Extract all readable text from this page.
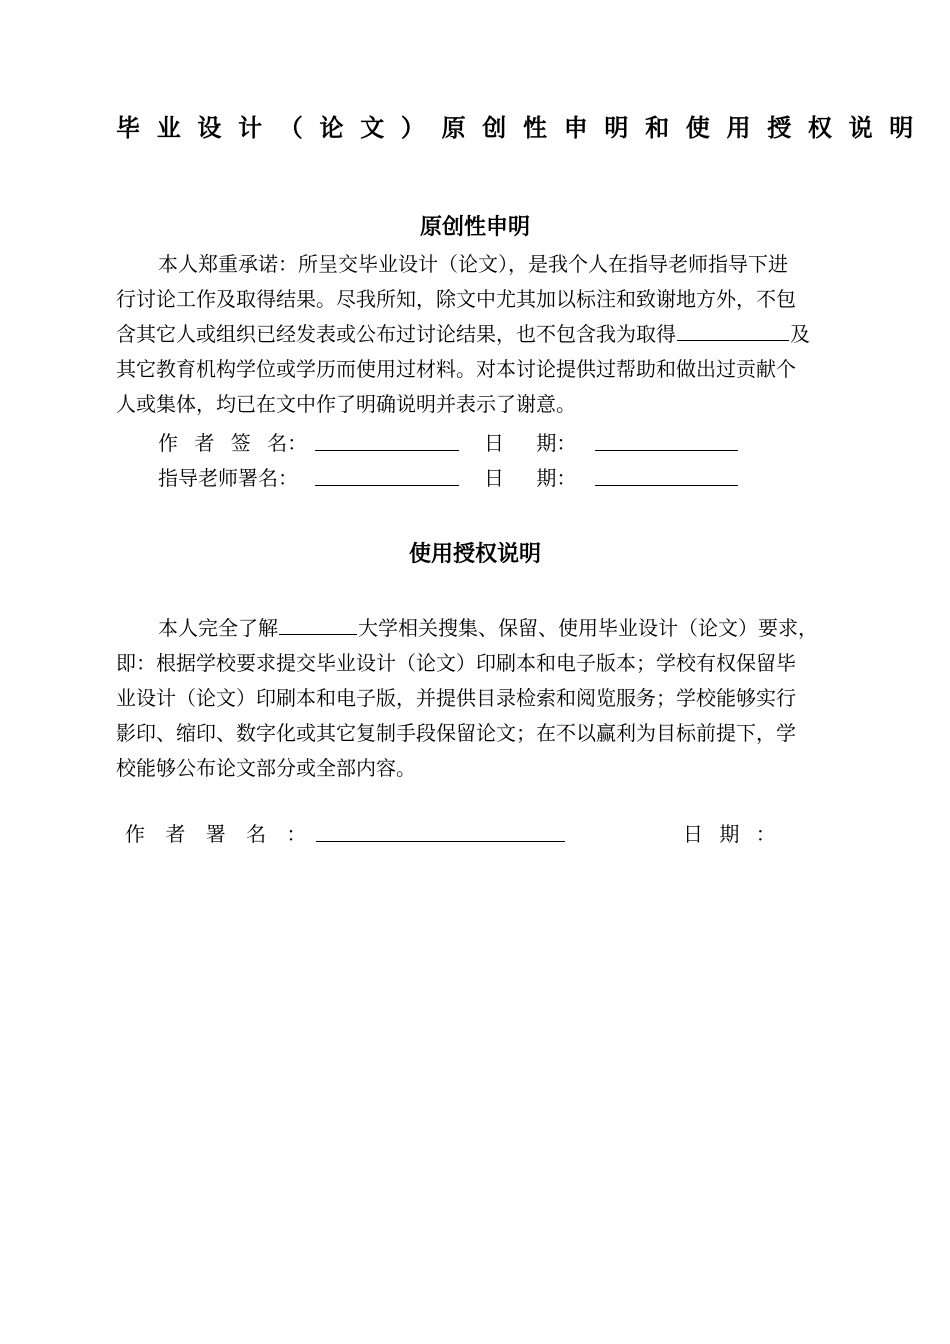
毕业设计（论文）原创性申明和使用授权说明
原创性申明
本人郑重承诺：所呈交毕业设计（论文），是我个人在指导老师指导下进
行讨论工作及取得结果。尽我所知，除文中尤其加以标注和致谢地方外，不包
含其它人或组织已经发表或公布过讨论结果，也不包含我为取得	及
其它教育机构学位或学历而使用过材料。对本讨论提供过帮助和做出过贡献个
人或集体，均已在文中作了明确说明并表示了谢意。
作 者 签 名：	日 期：
指导老师署名：	日 期：
使用授权说明
本人完全了解	大学相关搜集、保留、使用毕业设计（论文）要求，
即：根据学校要求提交毕业设计（论文）印刷本和电子版本；学校有权保留毕
业设计（论文）印刷本和电子版，并提供目录检索和阅览服务；学校能够实行
影印、缩印、数字化或其它复制手段保留论文；在不以赢利为目标前提下，学
校能够公布论文部分或全部内容。
作 者 署 名 ：	日 期 ：
